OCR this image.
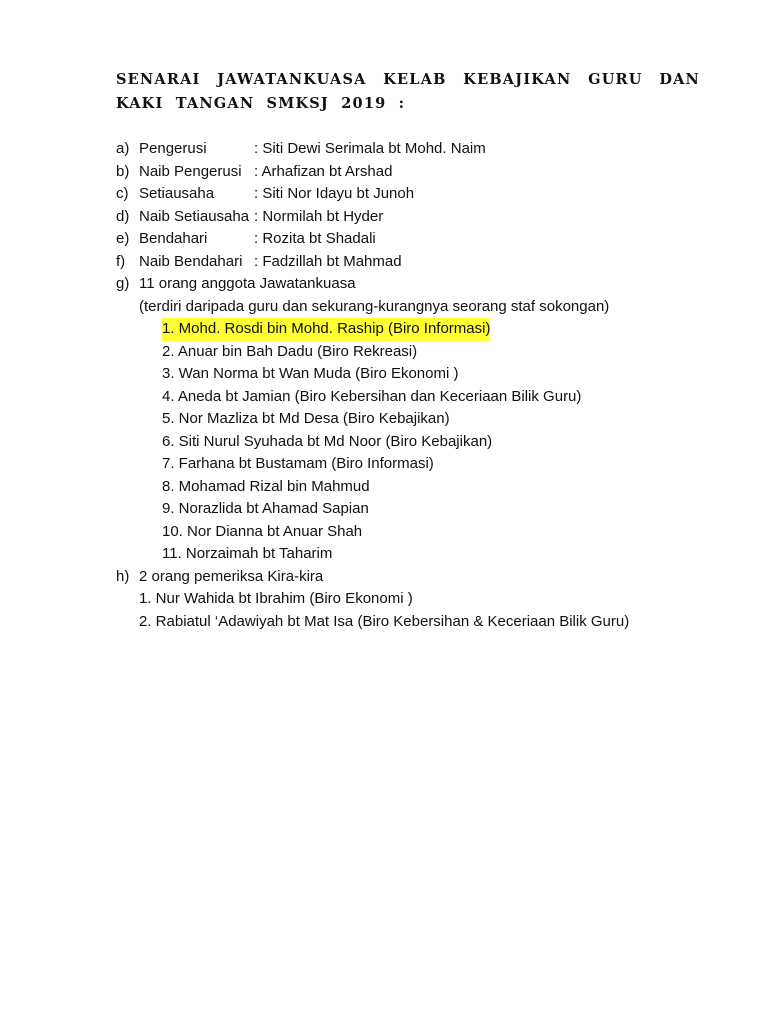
SENARAI JAWATANKUASA KELAB KEBAJIKAN GURU DAN KAKI TANGAN SMKSJ 2019 :
a) Pengerusi	: Siti Dewi Serimala bt Mohd. Naim
b) Naib Pengerusi : Arhafizan bt Arshad
c) Setiausaha	: Siti Nor Idayu bt Junoh
d) Naib Setiausaha : Normilah bt Hyder
e) Bendahari	: Rozita bt Shadali
f) Naib Bendahari : Fadzillah bt Mahmad
g) 11 orang anggota Jawatankuasa
(terdiri daripada guru dan sekurang-kurangnya seorang staf sokongan)
1. Mohd. Rosdi bin Mohd. Raship (Biro Informasi)
2. Anuar bin Bah Dadu (Biro Rekreasi)
3. Wan Norma bt Wan Muda (Biro Ekonomi )
4. Aneda bt Jamian (Biro Kebersihan dan Keceriaan Bilik Guru)
5. Nor Mazliza bt Md Desa (Biro Kebajikan)
6. Siti Nurul Syuhada bt Md Noor (Biro Kebajikan)
7. Farhana bt Bustamam (Biro Informasi)
8. Mohamad Rizal bin Mahmud
9. Norazlida bt Ahamad Sapian
10. Nor Dianna bt Anuar Shah
11. Norzaimah bt Taharim
h) 2 orang pemeriksa Kira-kira
1. Nur Wahida bt Ibrahim (Biro Ekonomi )
2. Rabiatul ‘Adawiyah bt Mat Isa (Biro Kebersihan & Keceriaan Bilik Guru)
